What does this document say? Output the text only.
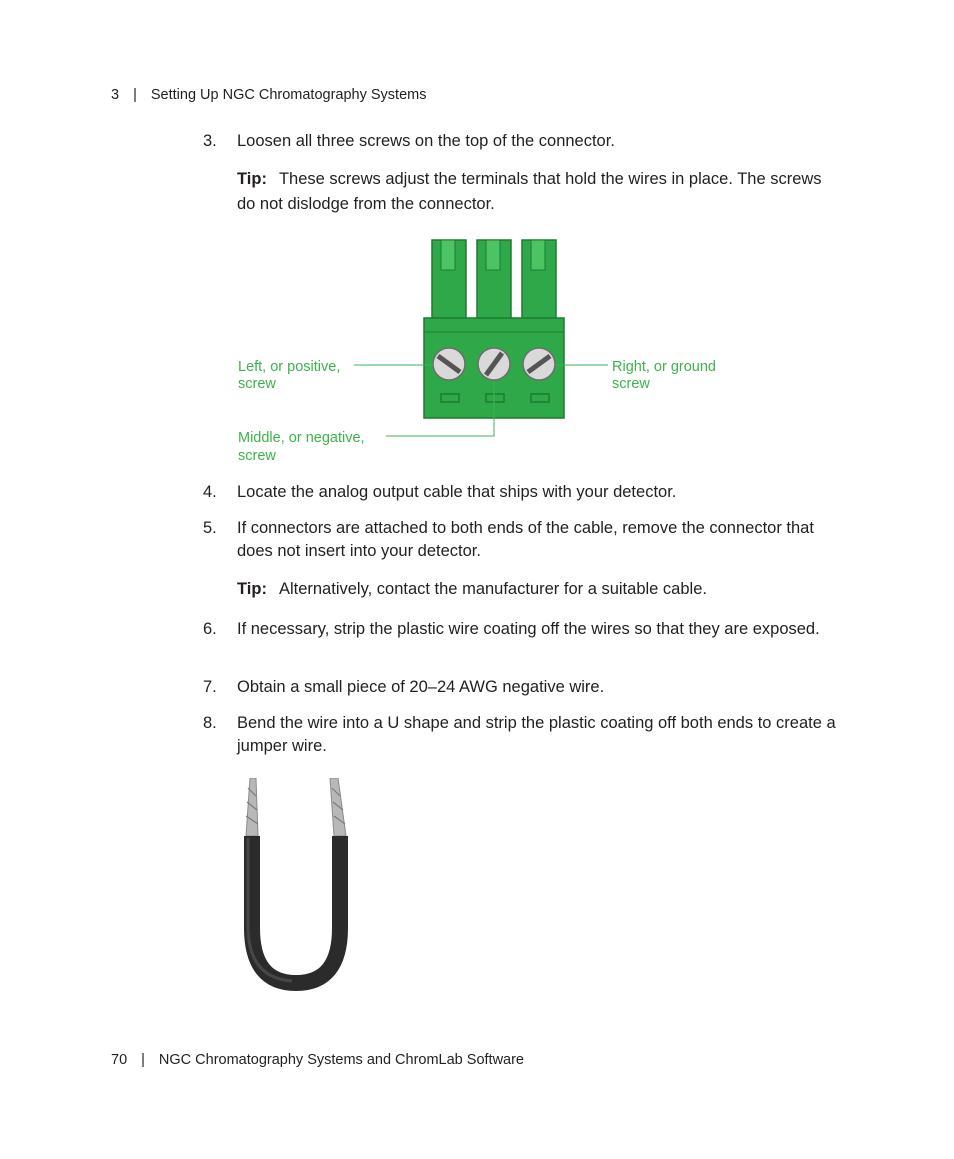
3 | Setting Up NGC Chromatography Systems
3.	Loosen all three screws on the top of the connector.
Tip: These screws adjust the terminals that hold the wires in place. The screws do not dislodge from the connector.
Left, or positive,
screw
Middle, or negative,
screw
Right, or ground
screw
4.	Locate the analog output cable that ships with your detector.
5.	If connectors are attached to both ends of the cable, remove the connector that does not insert into your detector.
Tip: Alternatively, contact the manufacturer for a suitable cable.
6.	If necessary, strip the plastic wire coating off the wires so that they are exposed.
7.	Obtain a small piece of 20–24 AWG negative wire.
8.	Bend the wire into a U shape and strip the plastic coating off both ends to create a jumper wire.
70 | NGC Chromatography Systems and ChromLab Software
